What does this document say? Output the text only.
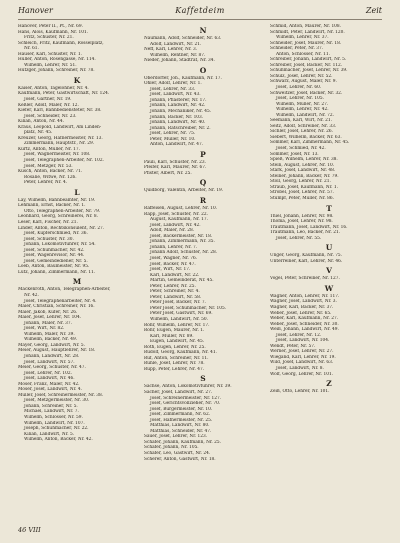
Hanover	Kaffetdeim	Zeit
Hanover, Peter II., Pt., Nr. 69.
Hans, Alois, Kaufmann, Nr. 101.
Fritz, Schuster, Nr. 21.
Schleich, Fritz, Kaufmann, Rösselplatz,
Nr. 61.
Hauser, Karl, Schuster, Nr. 1.
Hüller, Anton, Rosengasse, Nr. 114.
Wilhelm, Lehrer, Nr. 51.
Hutzger, Johann, Schreiner, Nr. 78.
K
Kaiser, Anton, Tagelöhner, Nr. 4.
Kaufmann, Peter, Gastwirtschaft, Nr. 124.
Josef, Gärtner, Nr. 19.
Keßler, Adolf, Maler, Nr. 12.
Kiefer, Karl, Bahnbediensteter, Nr. 38.
Josef, Schneider, Nr. 23.
Kilian, Anton, Nr. 44.
Kraus, Leopold, Landwirt, Am Linden-
platz, Nr. 45.
Kreuzer, Georg, Hafnermeister, Nr. 13.
Zimmermann, Hauptstr., Nr. 29.
Kurtz, Anton, Müller, Nr. 17.
Josef, Wagnermeister, Nr. 108.
Josef, Telegraphen-Arbeiter, Nr. 102.
Josef, Metzger, Nr. 53.
Kusch, Anton, Bäcker, Nr. 71.
Rosalie, Witwe, Nr. 126.
Peter, Lehrer, Nr. 4.
L
Lay, Wilhelm, Bahnbeamter, Nr. 19.
Lehmann, Ernst, Bäcker, Nr. 1.
Otto, Telegraphen-Arbeiter, Nr. 79.
Leonhard, Georg, Schreinerei, Nr. 8.
Leser, Karl, Fischer, Nr. 21.
Linder, Anton, Rechtskonsulent, Nr. 27.
Josef, Kupferschmied, Nr. 36.
Josef, Schuster, Nr. 30.
Johann, Lokomotivführer, Nr. 54.
Josef, Schuhmacher, Nr. 42.
Josef, Wagenrevisor, Nr. 44.
Josef, Gemeindediener, Nr. 5.
Loeb, Anton, Baumeister, Nr. 95.
Lutz, Johann, Zimmermann, Nr. 11.
M
Mackenroth, Anton, Telegraphen-Arbeiter,
Nr. 42.
Josef, Telegraphenarbeiter, Nr. 4.
Maier, Christian, Schreiner, Nr. 16.
Maier, Jakob, Küfer, Nr. 26.
Maier, Josef, Lehrer, Nr. 104.
Johann, Maler, Nr. 37.
Josef, Wirt, Nr. 82.
Wilhelm, Maler, Nr. 39.
Wilhelm, Bäcker, Nr. 49.
Mayer, Georg, Landwirt, Nr. 5.
Meier, August, Hauptlehrer, Nr. 18.
Johann, Landwirt, Nr. 28.
Josef, Landwirt, Nr. 57.
Meier, Georg, Schuster, Nr. 47.
Josef, Lehrer, Nr. 102.
Josef, Landwirt, Nr. 46.
Moser, Franz, Maler, Nr. 42.
Moser, Josef, Landwirt, Nr. 4.
Müller, Josef, Schreinermeister, Nr. 38.
Josef, Metzgermeister, Nr. 30.
Johann, Schreiner, Nr. 5.
Michael, Landwirt, Nr. 7.
Wilhelm, Schlosser, Nr. 59.
Wilhelm, Landwirt, Nr. 107.
Joseph, Schuhmacher, Nr. 22.
Kilian, Landwirt, Nr. 5.
Wilhelm, Anton, Bäcker, Nr. 42.
N
Naumann, Adolf, Schneider, Nr. 63.
Adolf, Landwirt, Nr. 21.
Neff, Karl, Lehrer, Nr. 3.
Wilhelm, Rentner, Nr. 87.
Nieder, Johann, Stadtrat, Nr. 34.
O
Oberdorfer, Joh., Kaufmann, Nr. 17.
Ohler, Adolf, Lehrer, Nr. 1.
Josef, Lehrer, Nr. 33.
Josef, Landwirt, Nr. 43.
Johann, Pflästerer, Nr. 17.
Johann, Landwirt, Nr. 42.
Johann, Mechaniker, Nr. 45.
Johann, Bäcker, Nr. 103.
Johann, Landwirt, Nr. 40.
Johann, Ratschreiber, Nr. 2.
Josef, Lehrer, Nr. 75.
Peter, Müller, Nr. 10.
Anton, Landwirt, Nr. 47.
P
Pauli, Karl, Schuster, Nr. 23.
Pfeifer, Karl, Maurer, Nr. 67.
Pfister, Albert, Nr. 25.
Q
Quidborg, Valentin, Arbeiter, Nr. 19.
R
Raffeisen, August, Lehrer, Nr. 10.
Rapp, Josef, Schuster, Nr. 22.
August, Kaufmann, Nr. 17.
Josef, Landwirt, Nr. 42.
Adolf, Maler, Nr. 28.
Josef, Bäckermeister, Nr. 18.
Johann, Zimmermann, Nr. 35.
Johann, Lehrer, Nr. 7.
Johann Adolf, Schuster, Nr. 28.
Josef, Wagner, Nr. 76.
Josef, Bäcker, Nr. 47.
Josef, Wirt, Nr. 17.
Karl, Landwirt, Nr. 22.
Martin, Gemeinderat, Nr. 45.
Peter, Lehrer, Nr. 25.
Peter, Schreiner, Nr. 4.
Peter, Landwirt, Nr. 58.
Peter Josef, Bäcker, Nr. 7.
Peter Josef, Schuhmacher, Nr. 105.
Peter Josef, Gastwirt, Nr. 69.
Wilhelm, Landwirt, Nr. 50.
Rohr, Wilhelm, Lehrer, Nr. 17.
Rohr, Eugen, Maurer, Nr. 1.
Karl, Müller, Nr. 89.
Eugen, Landwirt, Nr. 45.
Roth, Eugen, Lehrer, Nr. 25.
Rudolf, Georg, Kaufmann, Nr. 41.
Ruf, Anton, Schreiner, Nr. 11.
Rühle, Josef, Lehrer, Nr. 78.
Rupp, Peter, Lehrer, Nr. 47.
S
Sachse, Anton, Lokomotivführer, Nr. 39.
Sacher, Josef, Landwirt, Nr. 27.
Josef, Schreinermeister, Nr. 127.
Josef, Gerichtsvollzieher, Nr. 70.
Josef, Bürgermeister, Nr. 10.
Josef, Zimmermann, Nr. 62.
Josef, Hafnermeister, Nr. 25.
Matthias, Landwirt, Nr. 80.
Matthias, Schneider, Nr. 47.
Sauer, Josef, Lehrer, Nr. 123.
Schäfer, Johann, Kaufmann, Nr. 25.
Schäfer, Johann, Nr. 105.
Schäfer, Leo, Gastwirt, Nr. 24.
Scherer, Anton, Gastwirt, Nr. 18.
Schmid, Anton, Maurer, Nr. 108.
Schmidt, Peter, Landwirt, Nr. 120.
Wilhelm, Lehrer, Nr. 37.
Schneider, Josef, Maurer, Nr. 18.
Schneider, Peter, Nr. 37.
Anton, Schlosser, Nr. 11.
Schreiber, Johann, Landwirt, Nr. 5.
Schreiber, Josef, Bäcker, Nr. 112.
Schuhmacher, Josef, Lehrer, Nr. 39.
Schulz, Josef, Lehrer, Nr. 52.
Schwarz, August, Maler, Nr. 9.
Josef, Lehrer, Nr. 60.
Schweitzer, Josef, Bäcker, Nr. 32.
Josef, Lehrer, Nr. 105.
Wilhelm, Müller, Nr. 27.
Wilhelm, Lehrer, Nr. 42.
Wilhelm, Landwirt, Nr. 72.
Seemann, Karl, Wirt, Nr. 21.
Seitz, Adolf, Schreiner, Nr. 33.
Sichler, Josef, Lehrer, Nr. 26.
Siebert, Wilhelm, Bäcker, Nr. 63.
Sommer, Karl, Zimmermann, Nr. 45.
Josef, Schmied, Nr. 42.
Sommer, Josef, Nr. 13.
Spieß, Wilhelm, Lehrer, Nr. 38.
Stein, August, Lehrer, Nr. 10.
Stark, Josef, Landwirt, Nr. 48.
Steiner, Johann, Bäcker, Nr. 79.
Stoll, Georg, Lehrer, Nr. 21.
Straub, Josef, Kaufmann, Nr. 1.
Strobel, Josef, Lehrer, Nr. 57.
Stumpf, Peter, Müller, Nr. 86.
T
Thiel, Johann, Lehrer, Nr. 98.
Thoma, Josef, Lehrer, Nr. 98.
Trautmann, Josef, Landwirt, Nr. 16.
Trautmann, Leo, Bäcker, Nr. 21.
Josef, Lehrer, Nr. 55.
U
Unger, Georg, Kaufmann, Nr. 75.
Unterreiner, Karl, Lehrer, Nr. 46.
V
Vogel, Peter, Schreiner, Nr. 127.
W
Wagner, Anton, Lehrer, Nr. 117.
Wagner, Josef, Landwirt, Nr. 3.
Wagner, Karl, Bäcker, Nr. 37.
Weber, Josef, Lehrer, Nr. 65.
Weber, Karl, Kaufmann, Nr. 27.
Weber, Josef, Schneider, Nr. 30.
Weiß, Johann, Landwirt, Nr. 49.
Josef, Lehrer, Nr. 12.
Josef, Landwirt, Nr. 104.
Wendt, Peter, Nr. 57.
Werner, Josef, Lehrer, Nr. 27.
Wiegand, Karl, Lehrer, Nr. 19.
Wild, Josef, Landwirt, Nr. 63.
Josef, Landwirt, Nr. 8.
Wolf, Georg, Lehrer, Nr. 101.
Z
Zeiß, Otto, Lehrer, Nr. 101.
46 VIII
